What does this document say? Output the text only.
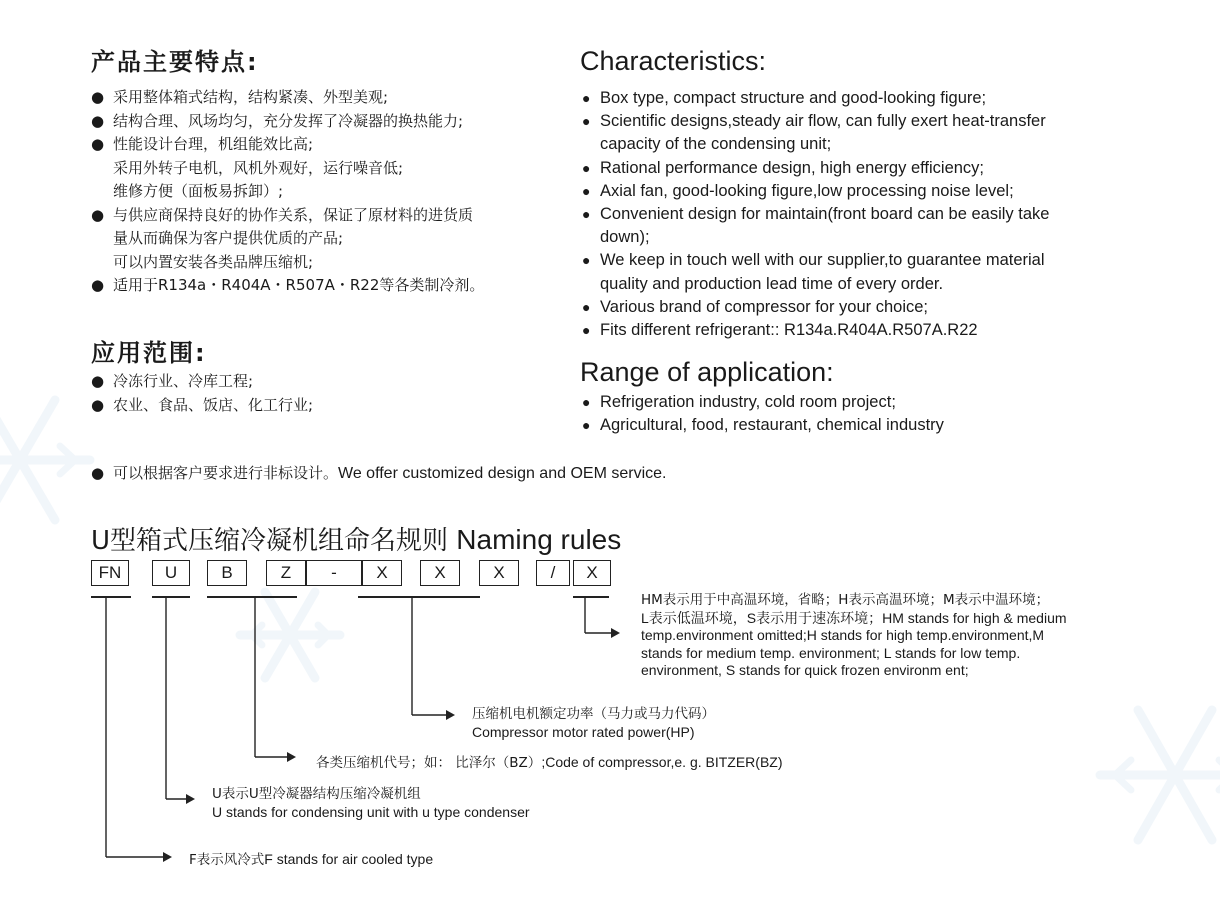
产品主要特点:
● 采用整体箱式结构，结构紧凑、外型美观;
● 结构合理、风场均匀，充分发挥了冷凝器的换热能力;
● 性能设计台理，机组能效比高;
采用外转子电机，风机外观好，运行噪音低;
维修方便（面板易拆卸）;
● 与供应商保持良好的协作关系，保证了原材料的进货质
量从而确保为客户提供优质的产品;
可以内置安装各类品牌压缩机;
● 适用于R134a・R404A・R507A・R22等各类制冷剂。
Characteristics:
● Box type, compact structure and good-looking figure;
● Scientific designs,steady air flow, can fully exert heat-transfer
capacity of the condensing unit;
● Rational performance design, high energy efficiency;
● Axial fan, good-looking figure,low processing noise level;
● Convenient design for maintain(front board can be easily take
down);
● We keep in touch well with our supplier,to guarantee material
quality and production lead time of every order.
● Various brand of compressor for your choice;
● Fits different refrigerant:: R134a.R404A.R507A.R22
应用范围:
● 冷冻行业、冷库工程;
● 农业、食品、饭店、化工行业;
Range of application:
● Refrigeration industry, cold room project;
● Agricultural, food, restaurant, chemical industry
● 可以根据客户要求进行非标设计。We offer customized design and OEM service.
U型箱式压缩冷凝机组命名规则 Naming rules
FN	U	B	Z	-	X	X	X	/	X
HM表示用于中高温环境，省略；H表示高温环境；M表示中温环境；
L表示低温环境，S表示用于速冻环境；HM stands for high & medium
temp.environment omitted;H stands for high temp.environment,M
stands for medium temp. environment; L stands for low temp.
environment, S stands for quick frozen environm ent;
压缩机电机额定功率（马力或马力代码）
Compressor motor rated power(HP)
各类压缩机代号；如： 比泽尔（BZ）;Code of compressor,e. g. BITZER(BZ)
U表示U型冷凝器结构压缩冷凝机组
U stands for condensing unit with u type condenser
F表示风冷式F stands for air cooled type
